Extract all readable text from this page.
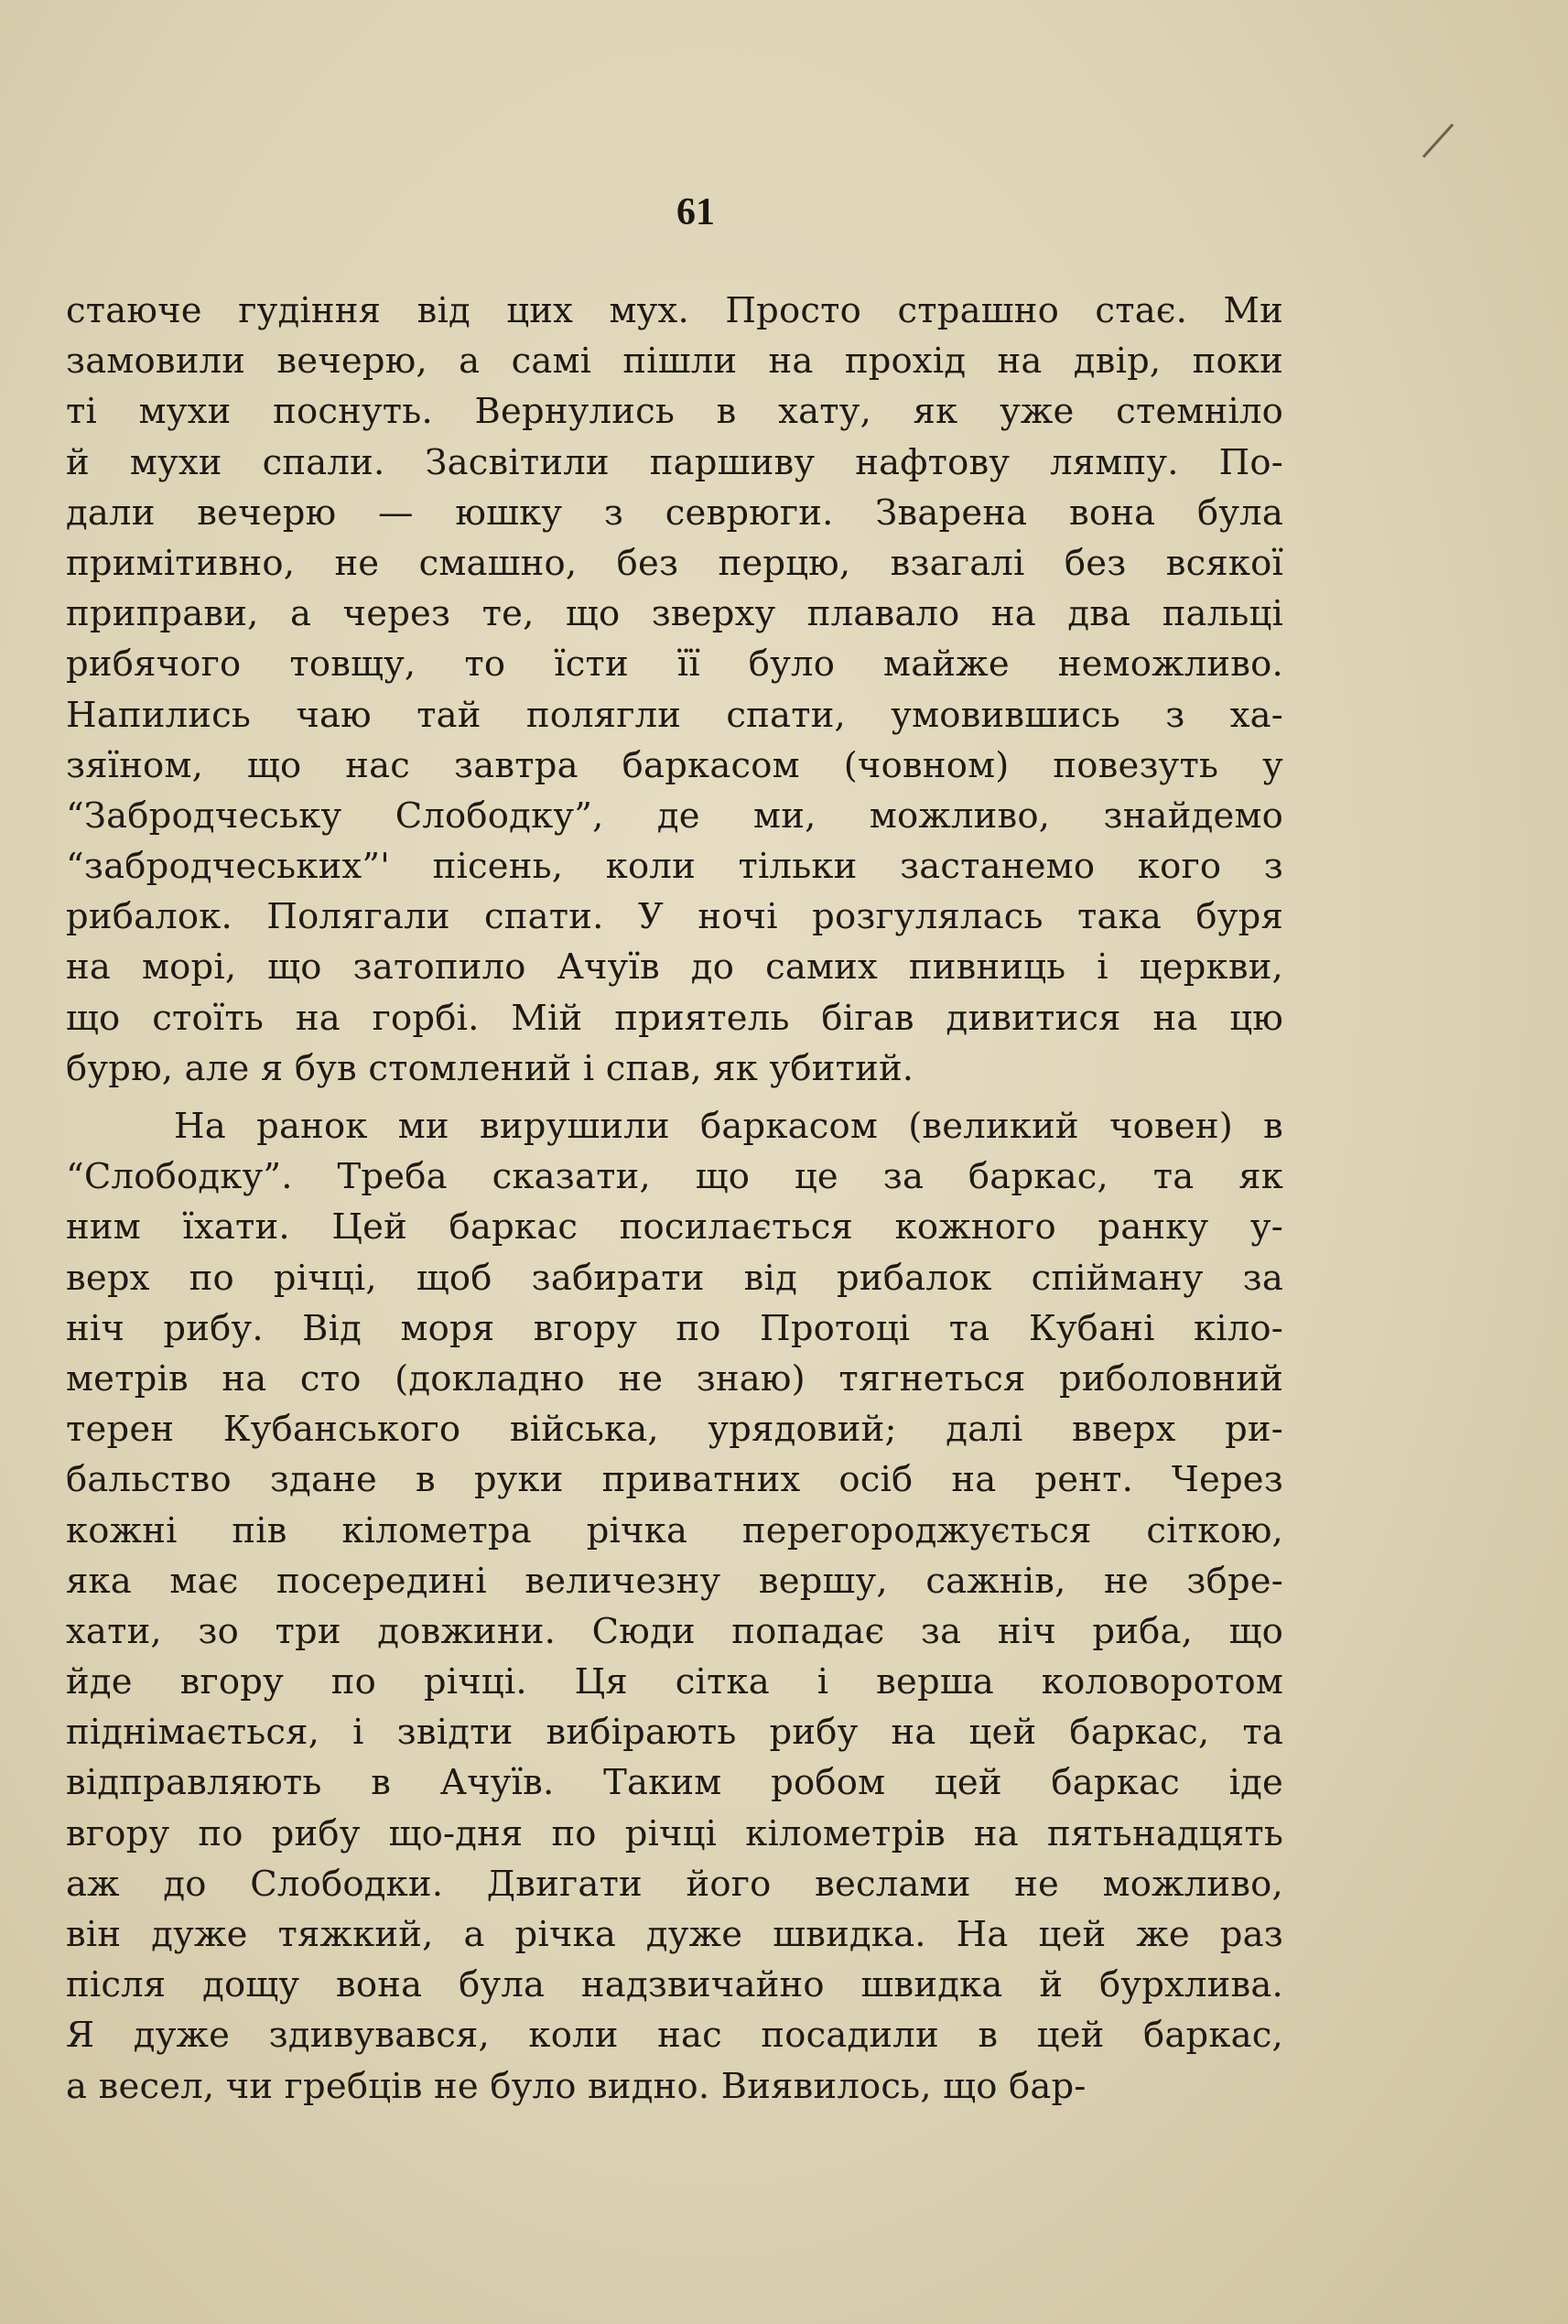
61
стаюче гудіння від цих мух. Просто страшно стає. Ми
замовили вечерю, а самі пішли на прохід на двір, поки
ті мухи поснуть. Вернулись в хату, як уже стемніло
й мухи спали. Засвітили паршиву нафтову лямпу. По-
дали вечерю — юшку з севрюги. Зварена вона була
примітивно, не смашно, без перцю, взагалі без всякої
приправи, а через те, що зверху плавало на два пальці
рибячого товщу, то їсти її було майже неможливо.
Напились чаю тай полягли спати, умовившись з ха-
зяїном, що нас завтра баркасом (човном) повезуть у
“Забродчеську Слободку”, де ми, можливо, знайдемо
“забродчеських”' пісень, коли тільки застанемо кого з
рибалок. Полягали спати. У ночі розгулялась така буря
на морі, що затопило Ачуїв до самих пивниць і церкви,
що стоїть на горбі. Мій приятель бігав дивитися на цю
бурю, але я був стомлений і спав, як убитий.
На ранок ми вирушили баркасом (великий човен) в
“Слободку”. Треба сказати, що це за баркас, та як
ним їхати. Цей баркас посилається кожного ранку у-
верх по річці, щоб забирати від рибалок спійману за
ніч рибу. Від моря вгору по Протоці та Кубані кіло-
метрів на сто (докладно не знаю) тягнеться риболовний
терен Кубанського війська, урядовий; далі вверх ри-
бальство здане в руки приватних осіб на рент. Через
кожні пів кілометра річка перегороджується сіткою,
яка має посередині величезну вершу, сажнів, не збре-
хати, зо три довжини. Сюди попадає за ніч риба, що
йде вгору по річці. Ця сітка і верша коловоротом
піднімається, і звідти вибірають рибу на цей баркас, та
відправляють в Ачуїв. Таким робом цей баркас іде
вгору по рибу що-дня по річці кілометрів на пятьнадцять
аж до Слободки. Двигати його веслами не можливо,
він дуже тяжкий, а річка дуже швидка. На цей же раз
після дощу вона була надзвичайно швидка й бурхлива.
Я дуже здивувався, коли нас посадили в цей баркас,
а весел, чи гребців не було видно. Виявилось, що бар-
